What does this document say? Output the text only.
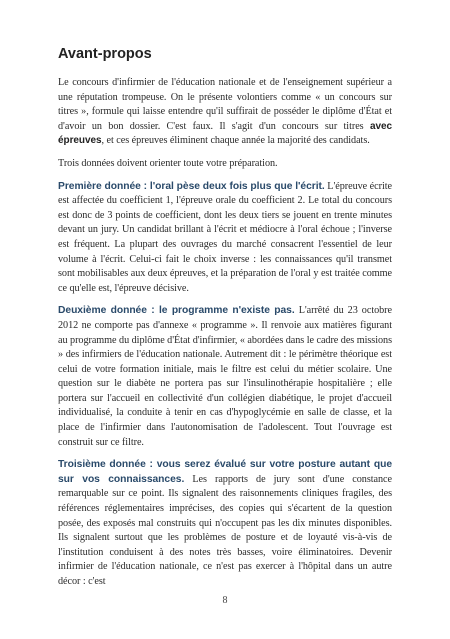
Avant-propos

Le concours d'infirmier de l'éducation nationale et de l'enseignement supérieur a une réputation trompeuse. On le présente volontiers comme « un concours sur titres », formule qui laisse entendre qu'il suffirait de posséder le diplôme d'État et d'avoir un bon dossier. C'est faux. Il s'agit d'un concours sur titres avec épreuves, et ces épreuves éliminent chaque année la majorité des candidats.

Trois données doivent orienter toute votre préparation.

Première donnée : l'oral pèse deux fois plus que l'écrit. L'épreuve écrite est affectée du coefficient 1, l'épreuve orale du coefficient 2. Le total du concours est donc de 3 points de coefficient, dont les deux tiers se jouent en trente minutes devant un jury. Un candidat brillant à l'écrit et médiocre à l'oral échoue ; l'inverse est fréquent. La plupart des ouvrages du marché consacrent l'essentiel de leur volume à l'écrit. Celui-ci fait le choix inverse : les connaissances qu'il transmet sont mobilisables aux deux épreuves, et la préparation de l'oral y est traitée comme ce qu'elle est, l'épreuve décisive.

Deuxième donnée : le programme n'existe pas. L'arrêté du 23 octobre 2012 ne comporte pas d'annexe « programme ». Il renvoie aux matières figurant au programme du diplôme d'État d'infirmier, « abordées dans le cadre des missions » des infirmiers de l'éducation nationale. Autrement dit : le périmètre théorique est celui de votre formation initiale, mais le filtre est celui du métier scolaire. Une question sur le diabète ne portera pas sur l'insulinothérapie hospitalière ; elle portera sur l'accueil en collectivité d'un collégien diabétique, le projet d'accueil individualisé, la conduite à tenir en cas d'hypoglycémie en salle de classe, et la place de l'infirmier dans l'autonomisation de l'adolescent. Tout l'ouvrage est construit sur ce filtre.

Troisième donnée : vous serez évalué sur votre posture autant que sur vos connaissances. Les rapports de jury sont d'une constance remarquable sur ce point. Ils signalent des raisonnements cliniques fragiles, des références réglementaires imprécises, des copies qui s'écartent de la question posée, des exposés mal construits qui n'occupent pas les dix minutes disponibles. Ils signalent surtout que les problèmes de posture et de loyauté vis-à-vis de l'institution conduisent à des notes très basses, voire éliminatoires. Devenir infirmier de l'éducation nationale, ce n'est pas exercer à l'hôpital dans un autre décor : c'est

8
